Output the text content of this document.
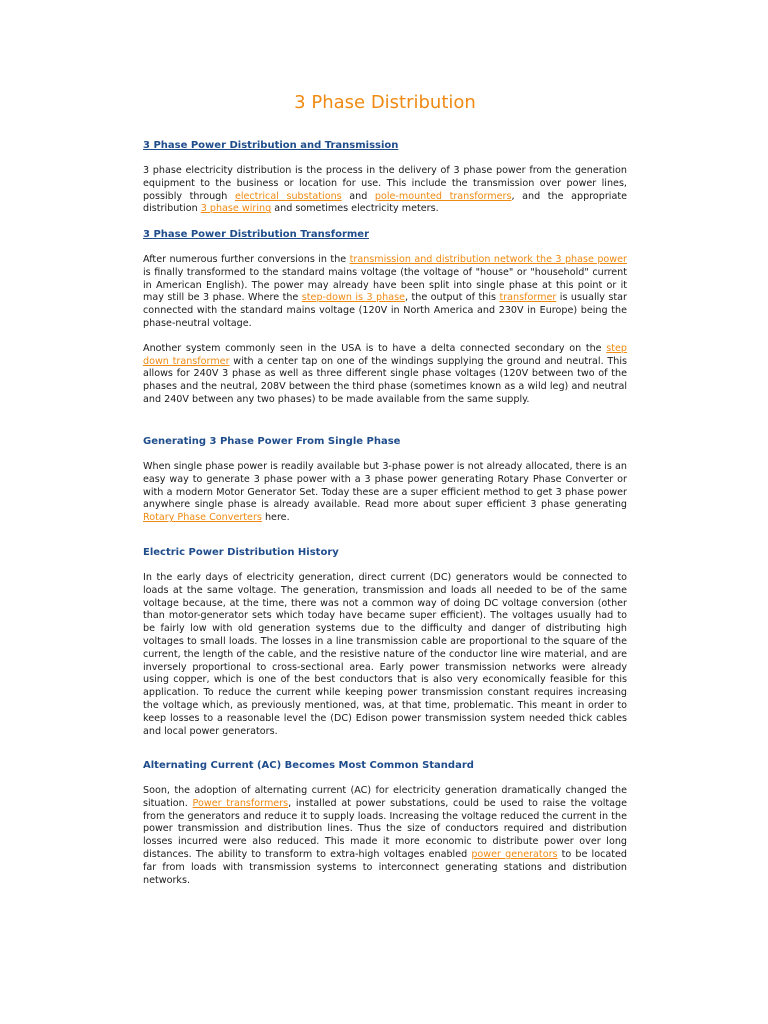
3 Phase Distribution
3 Phase Power Distribution and Transmission

3 phase electricity distribution is the process in the delivery of 3 phase power from the generation equipment to the business or location for use. This include the transmission over power lines, possibly through electrical substations and pole-mounted transformers, and the appropriate distribution 3 phase wiring and sometimes electricity meters.

3 Phase Power Distribution Transformer

After numerous further conversions in the transmission and distribution network the 3 phase power is finally transformed to the standard mains voltage (the voltage of "house" or "household" current in American English). The power may already have been split into single phase at this point or it may still be 3 phase. Where the step-down is 3 phase, the output of this transformer is usually star connected with the standard mains voltage (120V in North America and 230V in Europe) being the phase-neutral voltage.

Another system commonly seen in the USA is to have a delta connected secondary on the step down transformer with a center tap on one of the windings supplying the ground and neutral. This allows for 240V 3 phase as well as three different single phase voltages (120V between two of the phases and the neutral, 208V between the third phase (sometimes known as a wild leg) and neutral and 240V between any two phases) to be made available from the same supply.

Generating 3 Phase Power From Single Phase

When single phase power is readily available but 3-phase power is not already allocated, there is an easy way to generate 3 phase power with a 3 phase power generating Rotary Phase Converter or with a modern Motor Generator Set. Today these are a super efficient method to get 3 phase power anywhere single phase is already available. Read more about super efficient 3 phase generating Rotary Phase Converters here.

Electric Power Distribution History

In the early days of electricity generation, direct current (DC) generators would be connected to loads at the same voltage. The generation, transmission and loads all needed to be of the same voltage because, at the time, there was not a common way of doing DC voltage conversion (other than motor-generator sets which today have became super efficient). The voltages usually had to be fairly low with old generation systems due to the difficulty and danger of distributing high voltages to small loads. The losses in a line transmission cable are proportional to the square of the current, the length of the cable, and the resistive nature of the conductor line wire material, and are inversely proportional to cross-sectional area. Early power transmission networks were already using copper, which is one of the best conductors that is also very economically feasible for this application. To reduce the current while keeping power transmission constant requires increasing the voltage which, as previously mentioned, was, at that time, problematic. This meant in order to keep losses to a reasonable level the (DC) Edison power transmission system needed thick cables and local power generators.

Alternating Current (AC) Becomes Most Common Standard

Soon, the adoption of alternating current (AC) for electricity generation dramatically changed the situation. Power transformers, installed at power substations, could be used to raise the voltage from the generators and reduce it to supply loads. Increasing the voltage reduced the current in the power transmission and distribution lines. Thus the size of conductors required and distribution losses incurred were also reduced. This made it more economic to distribute power over long distances. The ability to transform to extra-high voltages enabled power generators to be located far from loads with transmission systems to interconnect generating stations and distribution networks.
